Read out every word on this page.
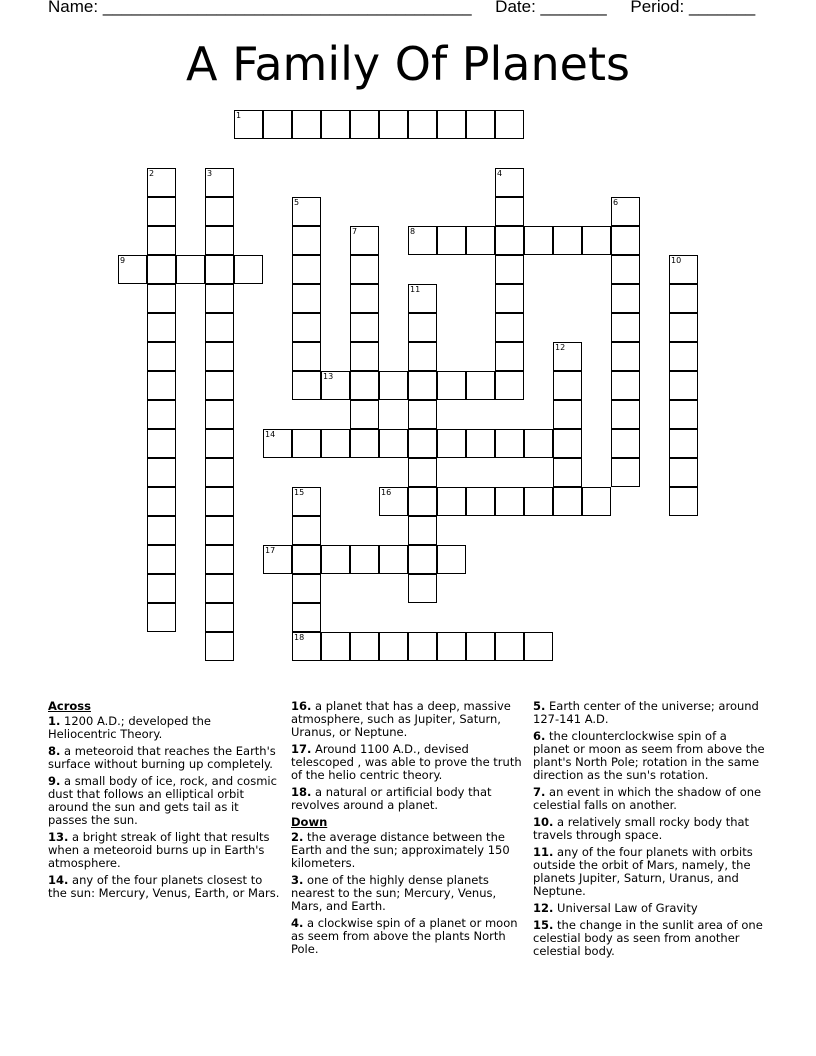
Name: _______________________________________ Date: _______ Period: _______
A Family Of Planets
1
2	3	4
5	6
7	8
9	10
11
12
13
14
15
18
16
17
Across
1. 1200 A.D.; developed the Heliocentric Theory.
8. a meteoroid that reaches the Earth's surface without burning up completely.
9. a small body of ice, rock, and cosmic dust that follows an elliptical orbit around the sun and gets tail as it passes the sun.
13. a bright streak of light that results when a meteoroid burns up in Earth's atmosphere.
14. any of the four planets closest to the sun: Mercury, Venus, Earth, or Mars.
16. a planet that has a deep, massive atmosphere, such as Jupiter, Saturn, Uranus, or Neptune.
17. Around 1100 A.D., devised telescoped , was able to prove the truth of the helio centric theory.
18. a natural or artificial body that revolves around a planet.
Down
2. the average distance between the Earth and the sun; approximately 150 kilometers.
3. one of the highly dense planets nearest to the sun; Mercury, Venus, Mars, and Earth.
4. a clockwise spin of a planet or moon as seem from above the plants North Pole.
5. Earth center of the universe; around 127-141 A.D.
6. the clounterclockwise spin of a planet or moon as seem from above the plant's North Pole; rotation in the same direction as the sun's rotation.
7. an event in which the shadow of one celestial falls on another.
10. a relatively small rocky body that travels through space.
11. any of the four planets with orbits outside the orbit of Mars, namely, the planets Jupiter, Saturn, Uranus, and Neptune.
12. Universal Law of Gravity
15. the change in the sunlit area of one celestial body as seen from another celestial body.
